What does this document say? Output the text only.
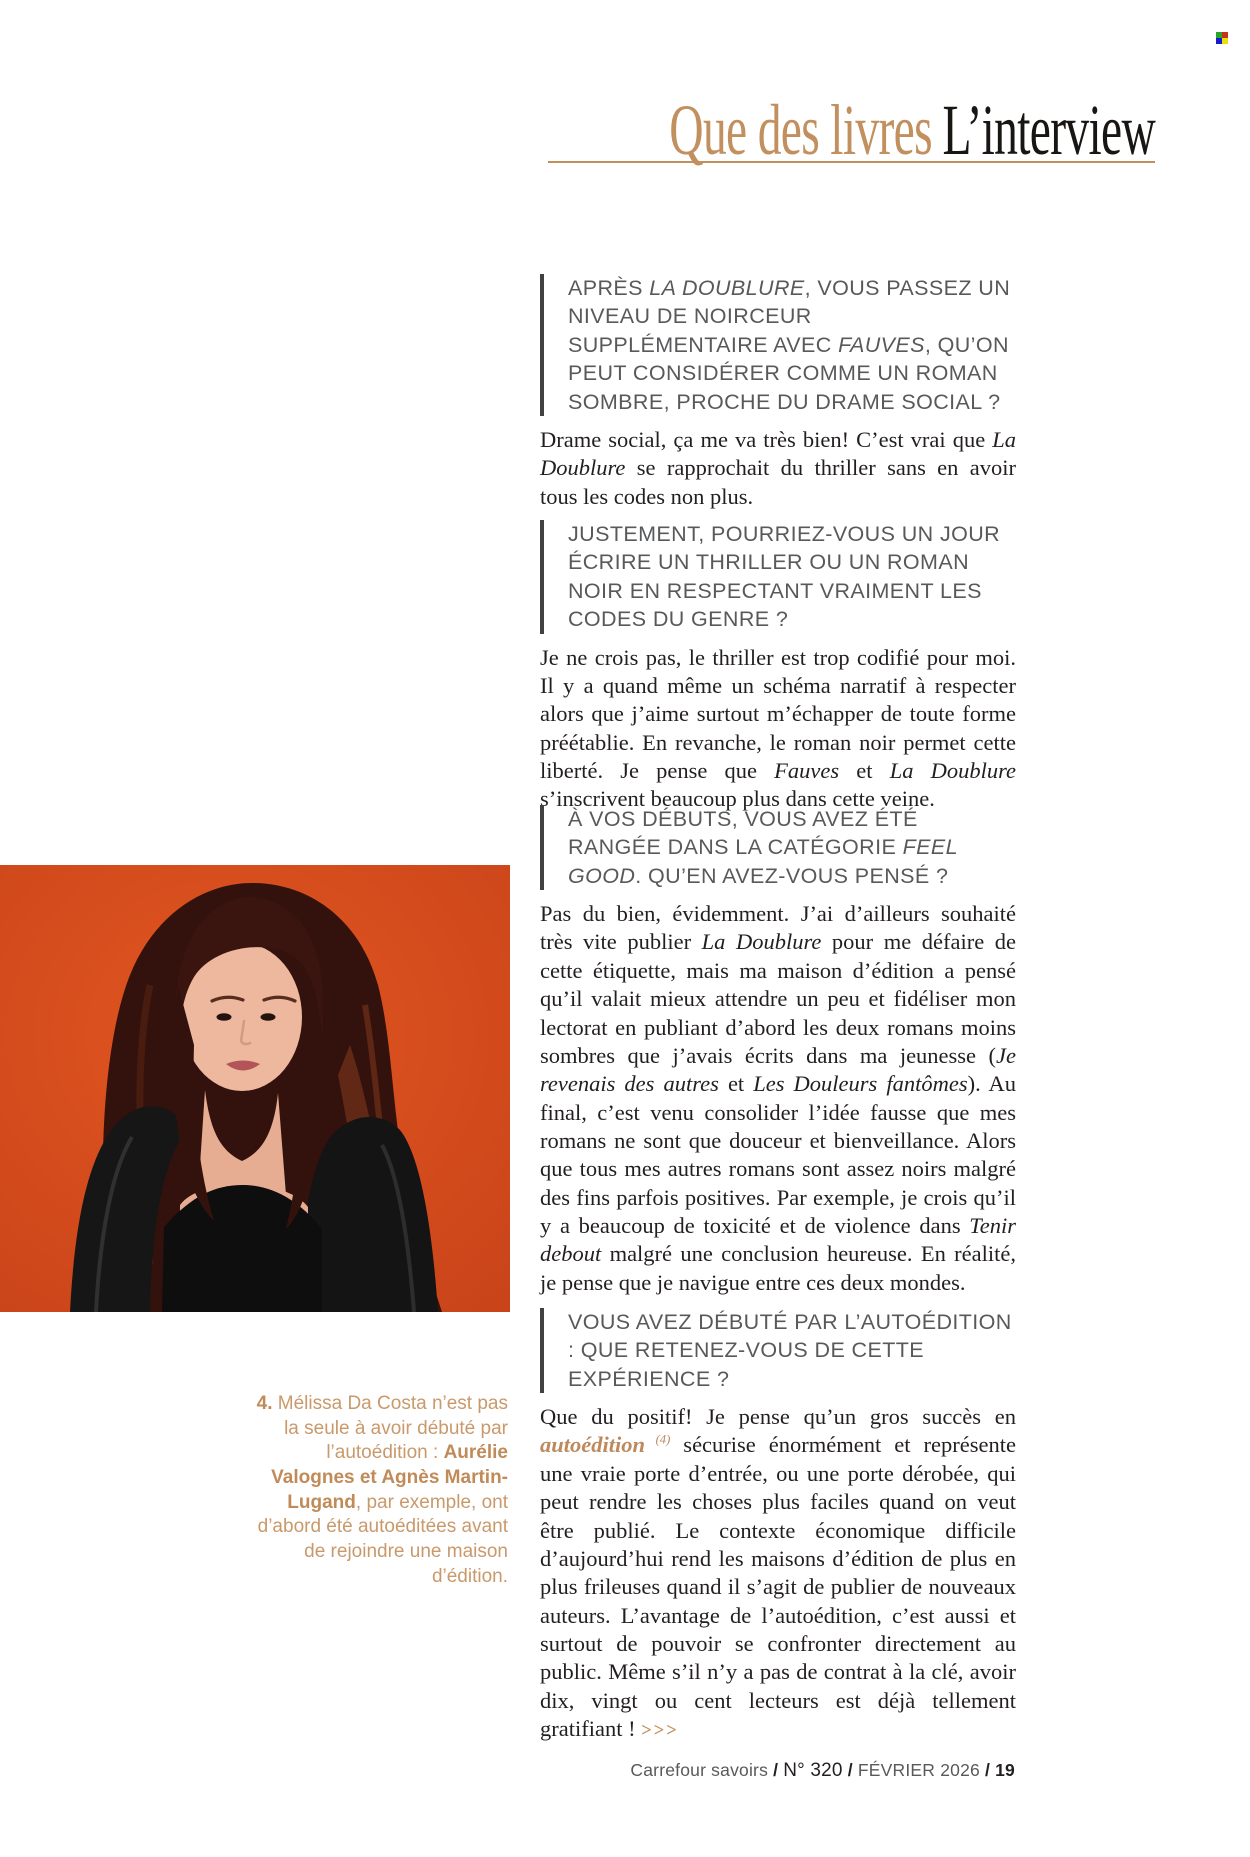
Que des livres L’interview
APRÈS LA DOUBLURE, VOUS PASSEZ UN NIVEAU DE NOIRCEUR SUPPLÉMENTAIRE AVEC FAUVES, QU’ON PEUT CONSIDÉRER COMME UN ROMAN SOMBRE, PROCHE DU DRAME SOCIAL ?
Drame social, ça me va très bien! C’est vrai que La Doublure se rapprochait du thriller sans en avoir tous les codes non plus.
JUSTEMENT, POURRIEZ-VOUS UN JOUR ÉCRIRE UN THRILLER OU UN ROMAN NOIR EN RESPECTANT VRAIMENT LES CODES DU GENRE ?
Je ne crois pas, le thriller est trop codifié pour moi. Il y a quand même un schéma narratif à respecter alors que j’aime surtout m’échapper de toute forme préétablie. En revanche, le roman noir permet cette liberté. Je pense que Fauves et La Doublure s’inscrivent beaucoup plus dans cette veine.
À VOS DÉBUTS, VOUS AVEZ ÉTÉ RANGÉE DANS LA CATÉGORIE FEEL GOOD. QU’EN AVEZ-VOUS PENSÉ ?
Pas du bien, évidemment. J’ai d’ailleurs souhaité très vite publier La Doublure pour me défaire de cette étiquette, mais ma maison d’édition a pensé qu’il valait mieux attendre un peu et fidéliser mon lectorat en publiant d’abord les deux romans moins sombres que j’avais écrits dans ma jeunesse (Je revenais des autres et Les Douleurs fantômes). Au final, c’est venu consolider l’idée fausse que mes romans ne sont que douceur et bienveillance. Alors que tous mes autres romans sont assez noirs malgré des fins parfois positives. Par exemple, je crois qu’il y a beaucoup de toxicité et de violence dans Tenir debout malgré une conclusion heureuse. En réalité, je pense que je navigue entre ces deux mondes.
VOUS AVEZ DÉBUTÉ PAR L’AUTOÉDITION : QUE RETENEZ-VOUS DE CETTE EXPÉRIENCE ?
Que du positif! Je pense qu’un gros succès en autoédition $^{(4)}$ sécurise énormément et représente une vraie porte d’entrée, ou une porte dérobée, qui peut rendre les choses plus faciles quand on veut être publié. Le contexte économique difficile d’aujourd’hui rend les maisons d’édition de plus en plus frileuses quand il s’agit de publier de nouveaux auteurs. L’avantage de l’autoédition, c’est aussi et surtout de pouvoir se confronter directement au public. Même s’il n’y a pas de contrat à la clé, avoir dix, vingt ou cent lecteurs est déjà tellement gratifiant ! >>>
4. Mélissa Da Costa n’est pas la seule à avoir débuté par l’autoédition : Aurélie Valognes et Agnès Martin-Lugand, par exemple, ont d’abord été autoéditées avant de rejoindre une maison d’édition.
Carrefour savoirs / N° 320 / FÉVRIER 2026 / 19
